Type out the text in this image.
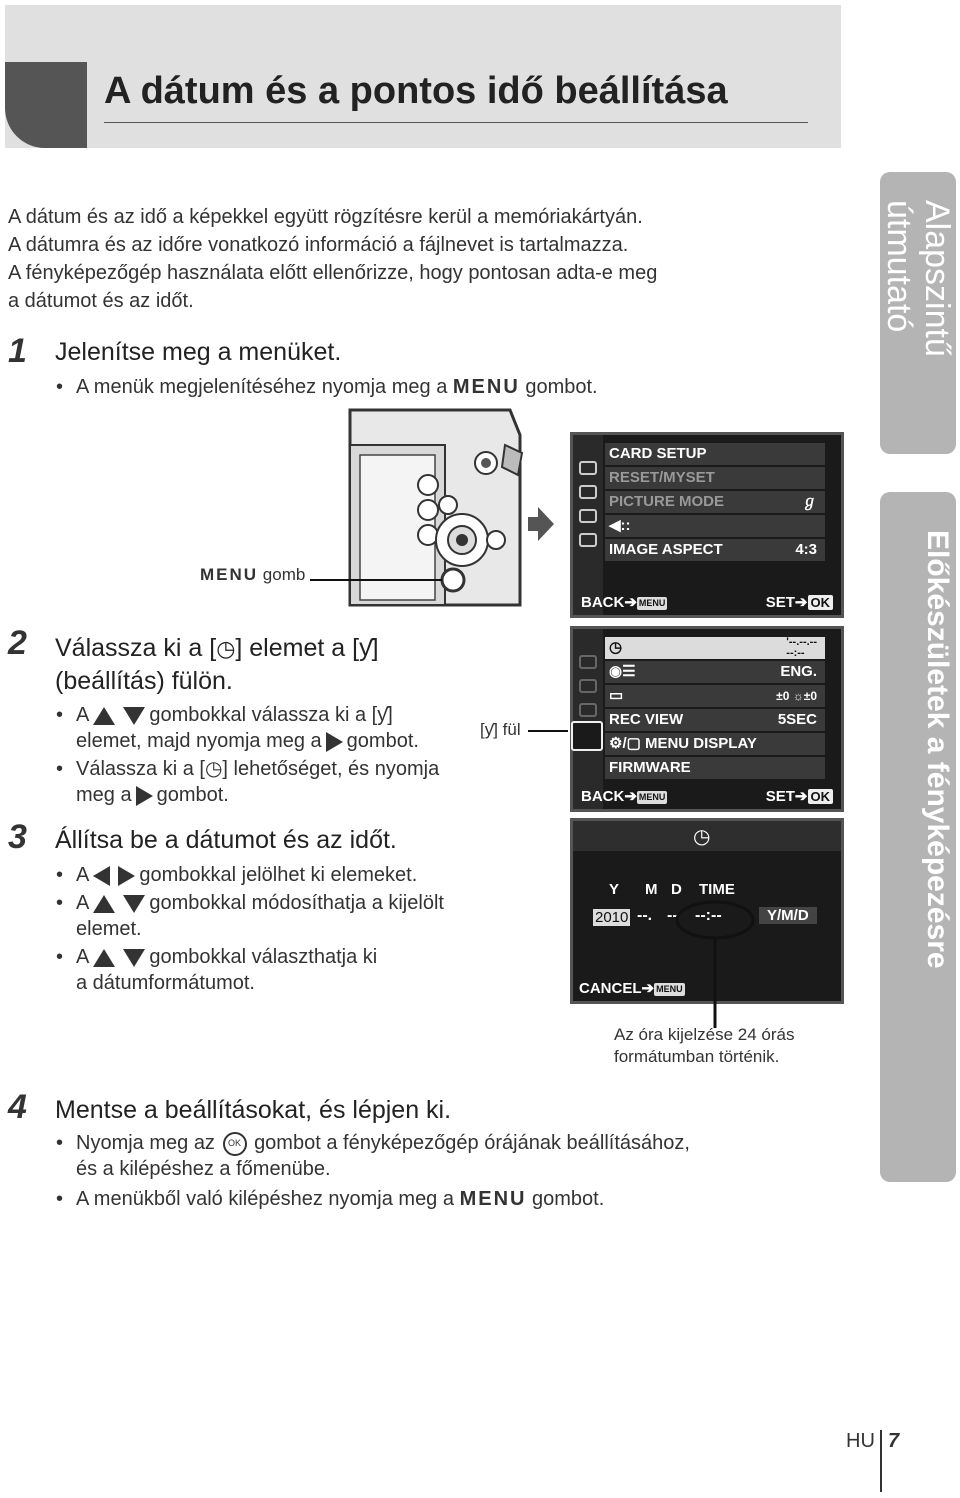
A dátum és a pontos idő beállítása
Alapszintű útmutató
Előkészületek a fényképezésre
A dátum és az idő a képekkel együtt rögzítésre kerül a memóriakártyán.
A dátumra és az időre vonatkozó információ a fájlnevet is tartalmazza.
A fényképezőgép használata előtt ellenőrizze, hogy pontosan adta-e meg
a dátumot és az időt.
1 Jelenítse meg a menüket.
• A menük megjelenítéséhez nyomja meg a MENU gombot.
MENU gomb
CARD SETUP
RESET/MYSET
PICTURE MODE	ℊ
◀::
IMAGE ASPECT	4:3
BACK➔ MENU	SET➔ OK
◷	'--.--.--
--:--
◉☰	ENG.
▭	±0 ☼±0
REC VIEW	5SEC
⚙/▢ MENU DISPLAY
FIRMWARE
BACK➔ MENU	SET➔ OK
◷
Y M D TIME
2010 --. -- --:--	Y/M/D
CANCEL➔ MENU
Az óra kijelzése 24 órás
formátumban történik.
2 Válassza ki a [◷] elemet a [ƴ]
(beállítás) fülön.
• A	gombokkal válassza ki a [ƴ]
elemet, majd nyomja meg a gombot.
• Válassza ki a [◷] lehetőséget, és nyomja
meg a gombot.
[ƴ] fül
3 Állítsa be a dátumot és az időt.
• A	gombokkal jelölhet ki elemeket.
• A	gombokkal módosíthatja a kijelölt
elemet.
• A	gombokkal választhatja ki
a dátumformátumot.
4 Mentse a beállításokat, és lépjen ki.
• Nyomja meg az OK gombot a fényképezőgép órájának beállításához,
és a kilépéshez a főmenübe.
• A menükből való kilépéshez nyomja meg a MENU gombot.
HU 7
